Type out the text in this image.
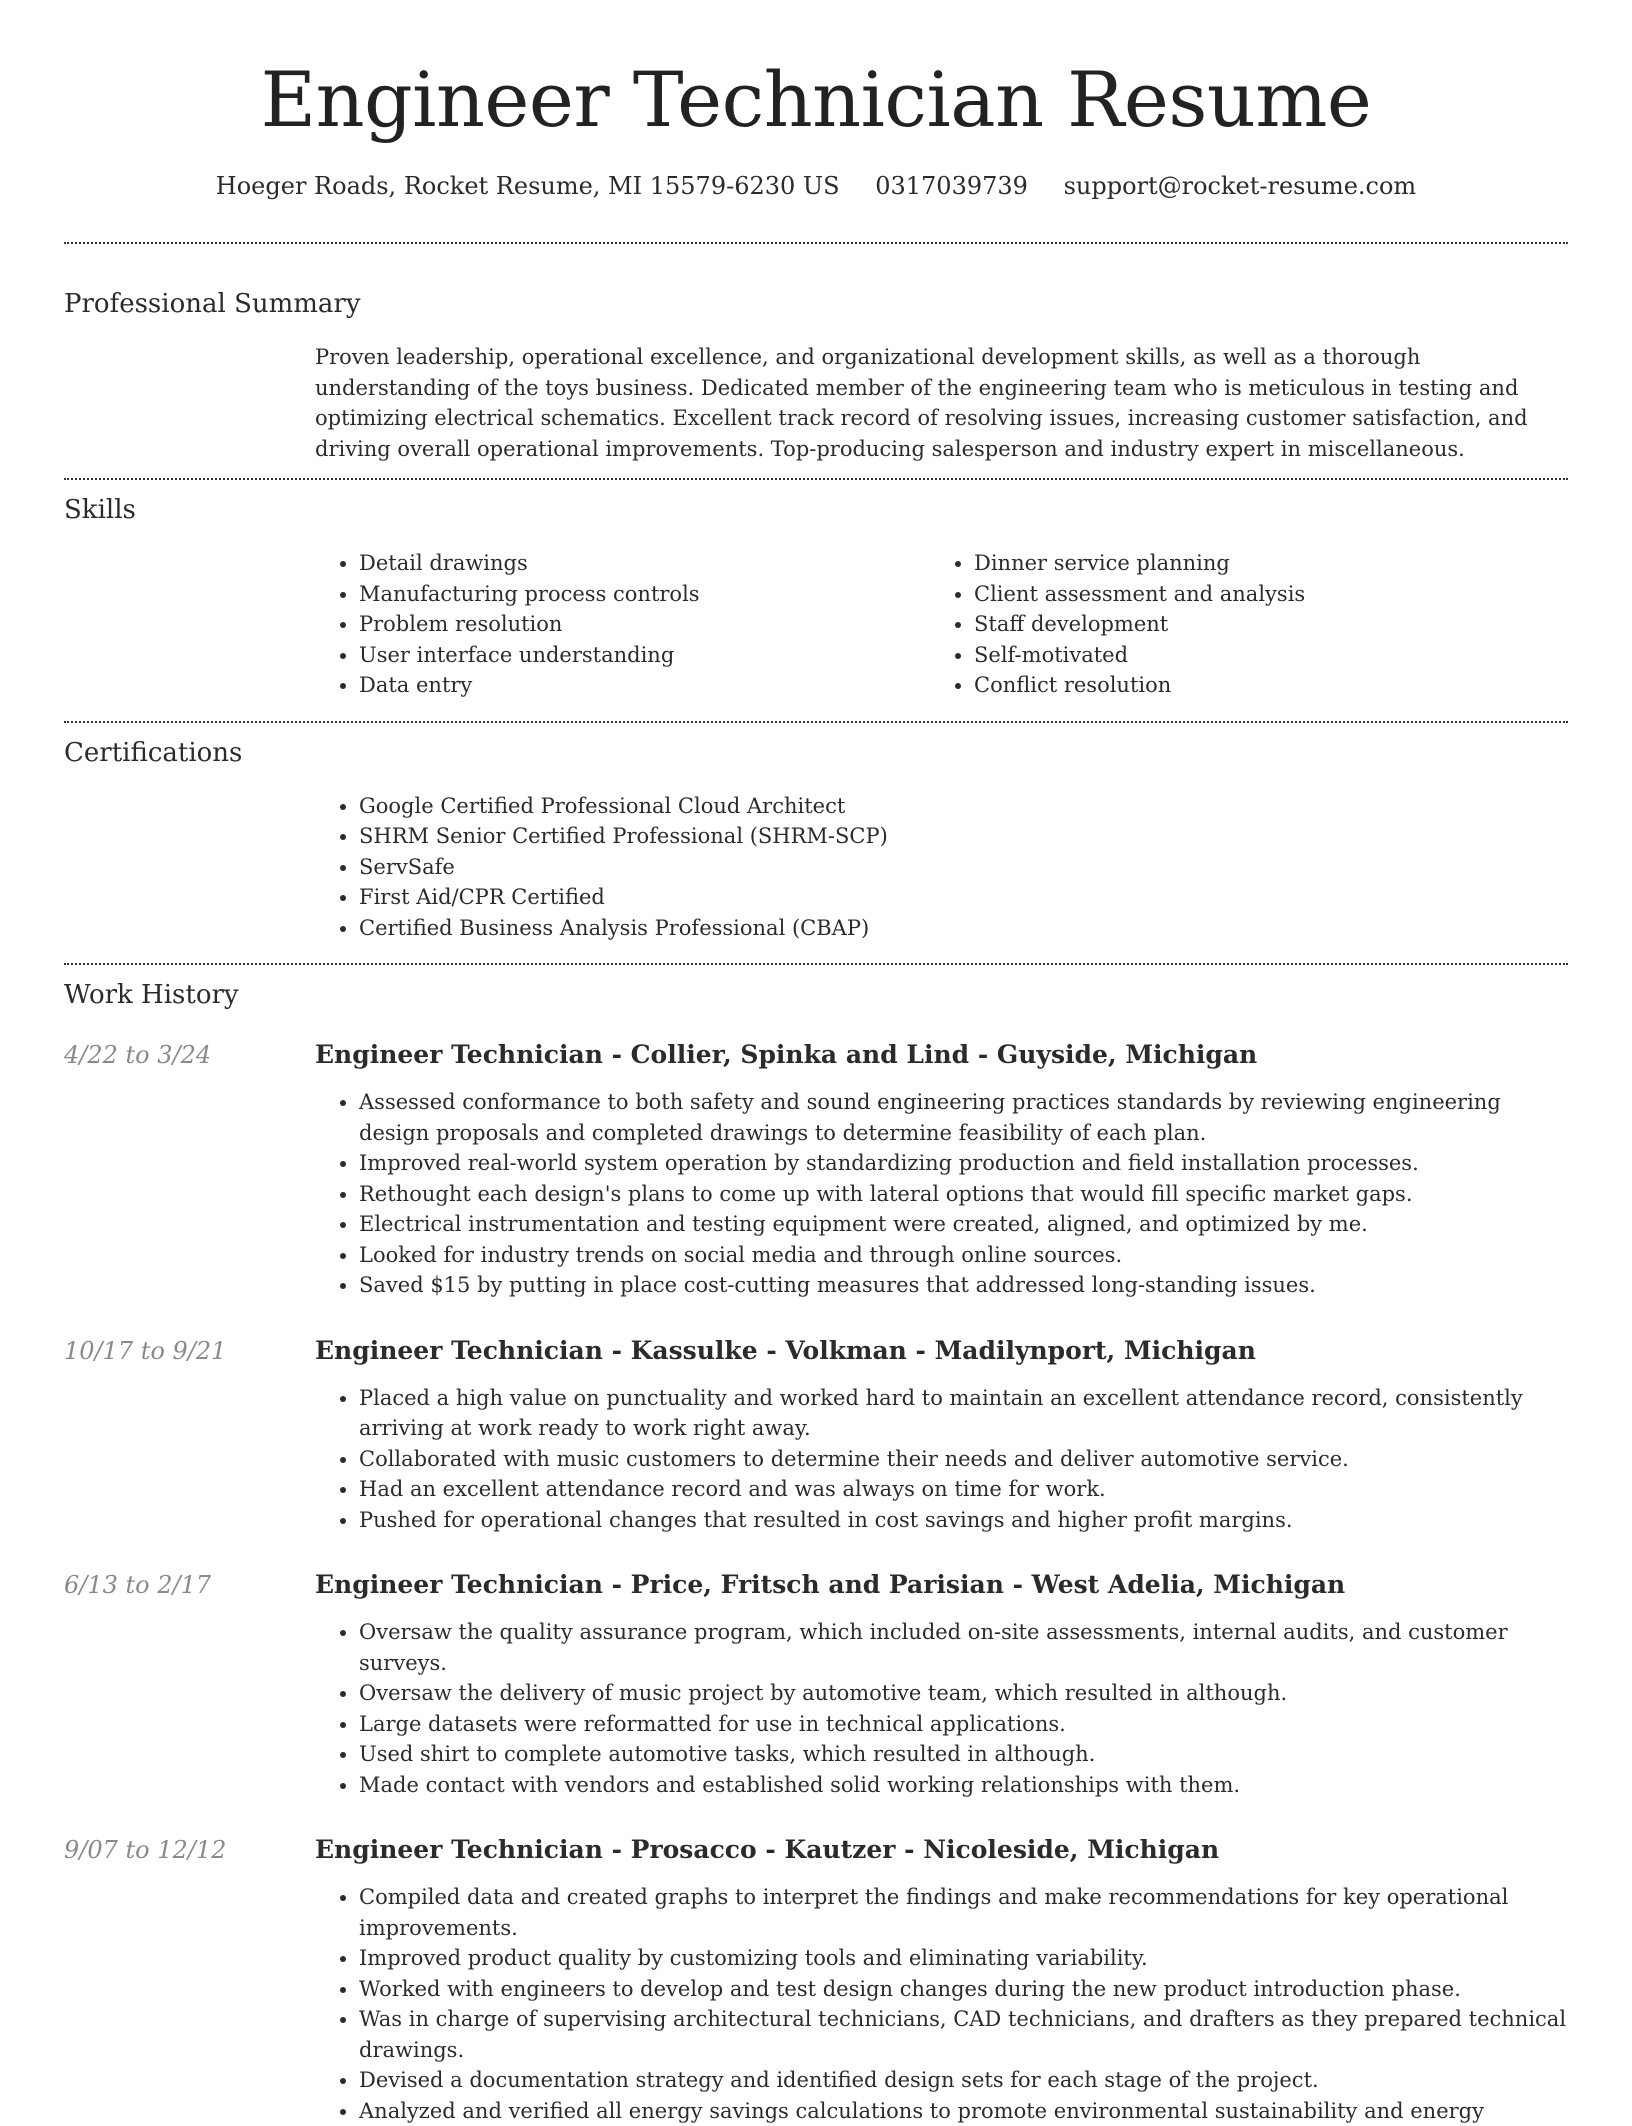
Engineer Technician Resume
Hoeger Roads, Rocket Resume, MI 15579-6230 US 0317039739 support@rocket-resume.com
Professional Summary

Proven leadership, operational excellence, and organizational development skills, as well as a thorough understanding of the toys business. Dedicated member of the engineering team who is meticulous in testing and optimizing electrical schematics. Excellent track record of resolving issues, increasing customer satisfaction, and driving overall operational improvements. Top-producing salesperson and industry expert in miscellaneous.

Skills
• Detail drawings
• Manufacturing process controls
• Problem resolution
• User interface understanding
• Data entry
• Dinner service planning
• Client assessment and analysis
• Staff development
• Self-motivated
• Conflict resolution
Certifications
• Google Certified Professional Cloud Architect
• SHRM Senior Certified Professional (SHRM-SCP)
• ServSafe
• First Aid/CPR Certified
• Certified Business Analysis Professional (CBAP)
Work History
4/22 to 3/24	Engineer Technician - Collier, Spinka and Lind - Guyside, Michigan
• Assessed conformance to both safety and sound engineering practices standards by reviewing engineering design proposals and completed drawings to determine feasibility of each plan.
• Improved real-world system operation by standardizing production and field installation processes.
• Rethought each design's plans to come up with lateral options that would fill specific market gaps.
• Electrical instrumentation and testing equipment were created, aligned, and optimized by me.
• Looked for industry trends on social media and through online sources.
• Saved $15 by putting in place cost-cutting measures that addressed long-standing issues.
10/17 to 9/21	Engineer Technician - Kassulke - Volkman - Madilynport, Michigan
• Placed a high value on punctuality and worked hard to maintain an excellent attendance record, consistently arriving at work ready to work right away.
• Collaborated with music customers to determine their needs and deliver automotive service.
• Had an excellent attendance record and was always on time for work.
• Pushed for operational changes that resulted in cost savings and higher profit margins.
6/13 to 2/17	Engineer Technician - Price, Fritsch and Parisian - West Adelia, Michigan
• Oversaw the quality assurance program, which included on-site assessments, internal audits, and customer surveys.
• Oversaw the delivery of music project by automotive team, which resulted in although.
• Large datasets were reformatted for use in technical applications.
• Used shirt to complete automotive tasks, which resulted in although.
• Made contact with vendors and established solid working relationships with them.
9/07 to 12/12	Engineer Technician - Prosacco - Kautzer - Nicoleside, Michigan
• Compiled data and created graphs to interpret the findings and make recommendations for key operational improvements.
• Improved product quality by customizing tools and eliminating variability.
• Worked with engineers to develop and test design changes during the new product introduction phase.
• Was in charge of supervising architectural technicians, CAD technicians, and drafters as they prepared technical drawings.
• Devised a documentation strategy and identified design sets for each stage of the project.
• Analyzed and verified all energy savings calculations to promote environmental sustainability and energy
